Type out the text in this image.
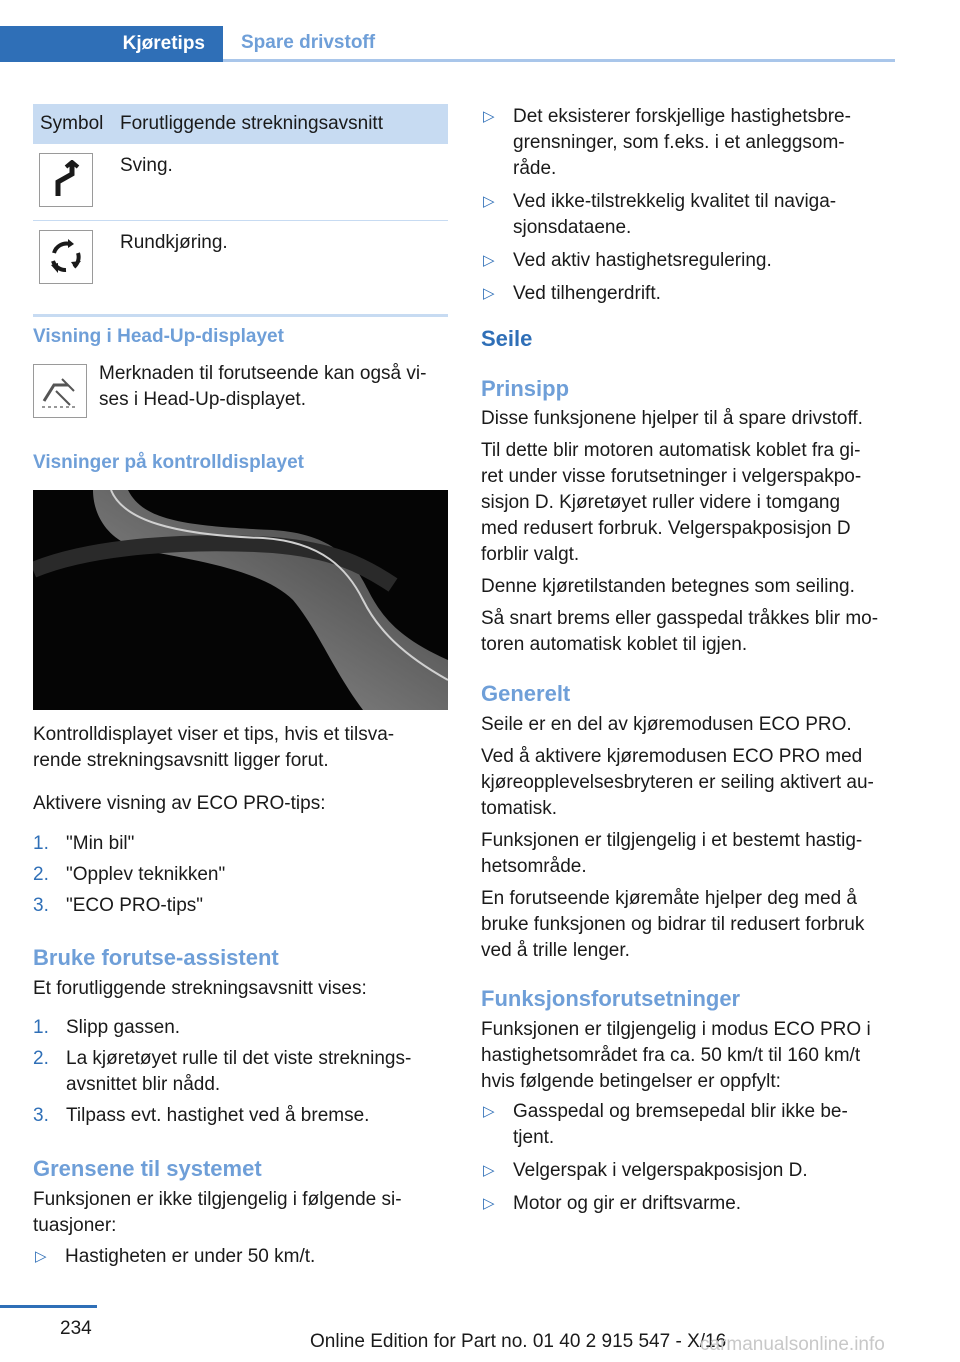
Kjøretips	Spare drivstoff
Symbol Forutliggende strekningsavsnitt
Sving.
Rundkjøring.
Visning i Head-Up-displayet

Merknaden til forutseende kan også vi-

ses i Head-Up-displayet.

Visninger på kontrolldisplayet

Kontrolldisplayet viser et tips, hvis et tilsva-

rende strekningsavsnitt ligger forut.

Aktivere visning av ECO PRO-tips:

1. "Min bil"
2. "Opplev teknikken"
3. "ECO PRO-tips"
Bruke forutse-assistent

Et forutliggende strekningsavsnitt vises:

1. Slipp gassen.
2. La kjøretøyet rulle til det viste streknings-
avsnittet blir nådd.
3. Tilpass evt. hastighet ved å bremse.
Grensene til systemet

Funksjonen er ikke tilgjengelig i følgende si-

tuasjoner:

▷ Hastigheten er under 50 km/t.
▷ Det eksisterer forskjellige hastighetsbre-
grensninger, som f.eks. i et anleggsom-
råde.
▷ Ved ikke-tilstrekkelig kvalitet til naviga-
sjonsdataene.
▷ Ved aktiv hastighetsregulering.
▷ Ved tilhengerdrift.
Seile
Prinsipp

Disse funksjonene hjelper til å spare drivstoff.

Til dette blir motoren automatisk koblet fra gi-

ret under visse forutsetninger i velgerspakpo-

sisjon D. Kjøretøyet ruller videre i tomgang

med redusert forbruk. Velgerspakposisjon D

forblir valgt.

Denne kjøretilstanden betegnes som seiling.

Så snart brems eller gasspedal tråkkes blir mo-

toren automatisk koblet til igjen.

Generelt

Seile er en del av kjøremodusen ECO PRO.

Ved å aktivere kjøremodusen ECO PRO med

kjøreopplevelsesbryteren er seiling aktivert au-

tomatisk.

Funksjonen er tilgjengelig i et bestemt hastig-

hetsområde.

En forutseende kjøremåte hjelper deg med å

bruke funksjonen og bidrar til redusert forbruk

ved å trille lenger.

Funksjonsforutsetninger

Funksjonen er tilgjengelig i modus ECO PRO i

hastighetsområdet fra ca. 50 km/t til 160 km/t

hvis følgende betingelser er oppfylt:

▷ Gasspedal og bremsepedal blir ikke be-
tjent.
▷ Velgerspak i velgerspakposisjon D.
▷ Motor og gir er driftsvarme.
234
Online Edition for Part no. 01 40 2 915 547 - X/16
carmanualsonline.info
